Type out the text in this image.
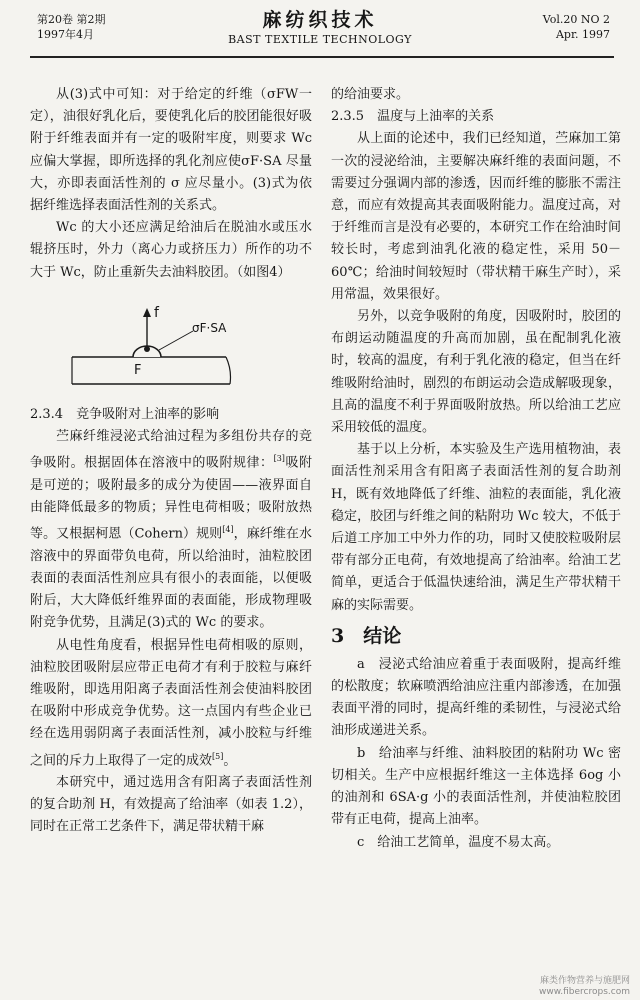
第20卷 第2期
1997年4月
麻纺织技术
BAST TEXTILE TECHNOLOGY
Vol.20 NO 2
Apr. 1997

从(3)式中可知：对于给定的纤维（σFW一定），油很好乳化后，要使乳化后的胶团能很好吸附于纤维表面并有一定的吸附牢度，则要求 Wc 应偏大掌握，即所选择的乳化剂应使σF·SA 尽量大，亦即表面活性剂的 σ 应尽量小。(3)式为依据纤维选择表面活性剂的关系式。

Wc 的大小还应满足给油后在脱油水或压水辊挤压时，外力（离心力或挤压力）所作的功不大于 Wc，防止重新失去油料胶团。（如图4）

f
σF·SA
F

2.3.4　竞争吸附对上油率的影响

苎麻纤维浸泌式给油过程为多组份共存的竞争吸附。根据固体在溶液中的吸附规律：[3]吸附是可逆的；吸附最多的成分为使固——液界面自由能降低最多的物质；异性电荷相吸；吸附放热等。又根据柯恩（Cohern）规则[4]，麻纤维在水溶液中的界面带负电荷，所以给油时，油粒胶团表面的表面活性剂应具有很小的表面能，以便吸附后，大大降低纤维界面的表面能，形成物理吸附竞争优势，且满足(3)式的 Wc 的要求。

从电性角度看，根据异性电荷相吸的原则，油粒胶团吸附层应带正电荷才有利于胶粒与麻纤维吸附，即选用阳离子表面活性剂会使油料胶团在吸附中形成竞争优势。这一点国内有些企业已经在选用弱阴离子表面活性剂，减小胶粒与纤维之间的斥力上取得了一定的成效[5]。

本研究中，通过选用含有阳离子表面活性剂的复合助剂 H，有效提高了给油率（如表 1.2），同时在正常工艺条件下，满足带状精干麻

的给油要求。

2.3.5　温度与上油率的关系

从上面的论述中，我们已经知道，苎麻加工第一次的浸泌给油，主要解决麻纤维的表面问题，不需要过分强调内部的渗透，因而纤维的膨胀不需注意，而应有效提高其表面吸附能力。温度过高，对于纤维而言是没有必要的，本研究工作在给油时间较长时，考虑到油乳化液的稳定性，采用 50－60℃；给油时间较短时（带状精干麻生产时），采用常温，效果很好。

另外，以竞争吸附的角度，因吸附时，胶团的布朗运动随温度的升高而加剧，虽在配制乳化液时，较高的温度，有利于乳化液的稳定，但当在纤维吸附给油时，剧烈的布朗运动会造成解吸现象，且高的温度不利于界面吸附放热。所以给油工艺应采用较低的温度。

基于以上分析，本实验及生产选用植物油，表面活性剂采用含有阳离子表面活性剂的复合助剂 H，既有效地降低了纤维、油粒的表面能，乳化液稳定，胶团与纤维之间的粘附功 Wc 较大，不低于后道工序加工中外力作的功，同时又使胶粒吸附层带有部分正电荷，有效地提高了给油率。给油工艺简单，更适合于低温快速给油，满足生产带状精干麻的实际需要。

3　结论

a　浸泌式给油应着重于表面吸附，提高纤维的松散度；软麻喷洒给油应注重内部渗透，在加强表面平滑的同时，提高纤维的柔韧性，与浸泌式给油形成递进关系。

b　给油率与纤维、油料胶团的粘附功 Wc 密切相关。生产中应根据纤维这一主体选择 6og 小的油剂和 6SA·g 小的表面活性剂，并使油粒胶团带有正电荷，提高上油率。

c　给油工艺简单，温度不易太高。

麻类作物营养与施肥网
www.fibercrops.com
